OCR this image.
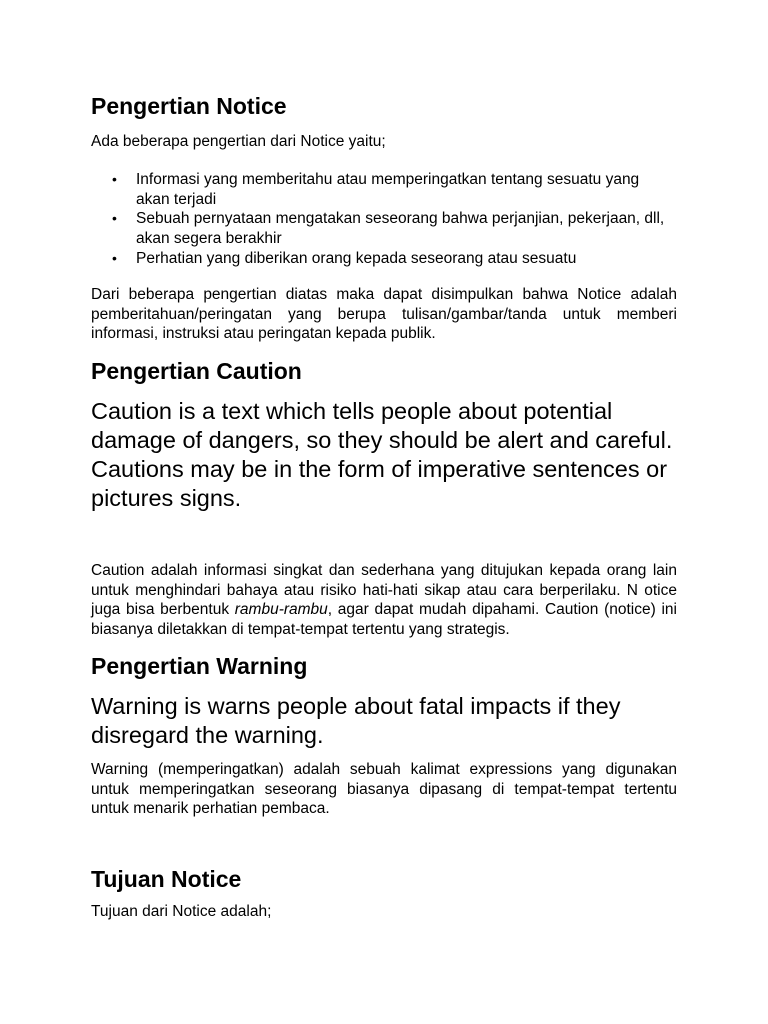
Pengertian Notice

Ada beberapa pengertian dari Notice yaitu;

• Informasi yang memberitahu atau memperingatkan tentang sesuatu yang akan terjadi
• Sebuah pernyataan mengatakan seseorang bahwa perjanjian, pekerjaan, dll, akan segera berakhir
• Perhatian yang diberikan orang kepada seseorang atau sesuatu

Dari beberapa pengertian diatas maka dapat disimpulkan bahwa Notice adalah pemberitahuan/peringatan yang berupa tulisan/gambar/tanda untuk memberi informasi, instruksi atau peringatan kepada publik.

Pengertian Caution

Caution is a text which tells people about potential damage of dangers, so they should be alert and careful. Cautions may be in the form of imperative sentences or pictures signs.

Caution adalah informasi singkat dan sederhana yang ditujukan kepada orang lain untuk menghindari bahaya atau risiko hati-hati sikap atau cara berperilaku. N otice juga bisa berbentuk rambu-rambu, agar dapat mudah dipahami. Caution (notice) ini biasanya diletakkan di tempat-tempat tertentu yang strategis.

Pengertian Warning

Warning is warns people about fatal impacts if they disregard the warning.

Warning (memperingatkan) adalah sebuah kalimat expressions yang digunakan untuk memperingatkan seseorang biasanya dipasang di tempat-tempat tertentu untuk menarik perhatian pembaca.

Tujuan Notice

Tujuan dari Notice adalah;
